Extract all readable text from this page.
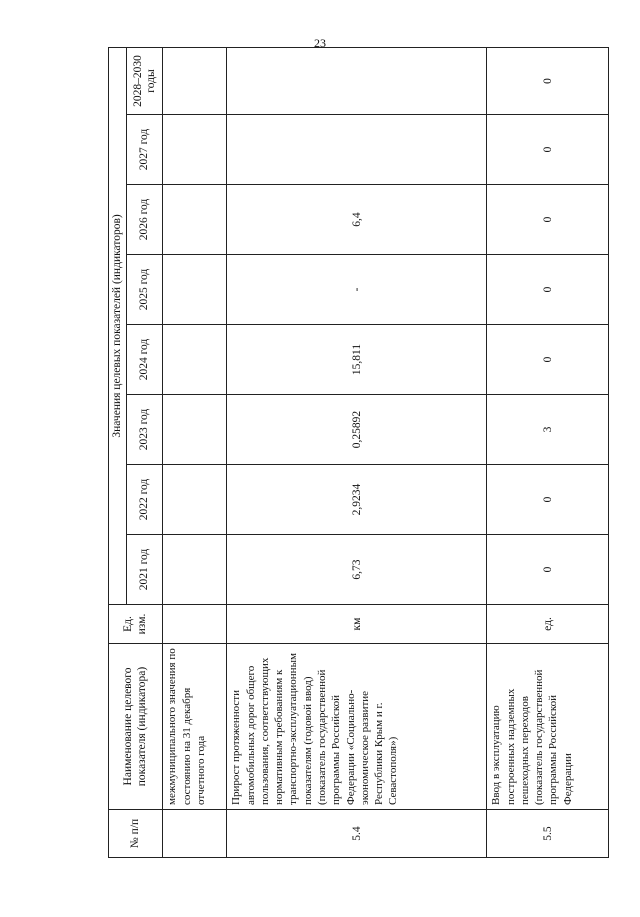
23
№ п/п	Наименование целевого показателя (индикатора)	Ед. изм.	Значения целевых показателей (индикаторов)							
			2021 год	2022 год	2023 год	2024 год	2025 год	2026 год	2027 год	2028–2030 годы
	межмуниципального значения по состоянию на 31 декабря отчетного года									
5.4	Прирост протяженности автомобильных дорог общего пользования, соответствующих нормативным требованиям к транспортно-эксплуатационным показателям (годовой ввод) (показатель государственной программы Российской Федерации «Социально-экономическое развитие Республики Крым и г. Севастополя»)	км	6,73	2,9234	0,25892	15,811	-	6,4		
5.5	Ввод в эксплуатацию построенных надземных пешеходных переходов (показатель государственной программы Российской Федерации	ед.	0	0	3	0	0	0	0	0
